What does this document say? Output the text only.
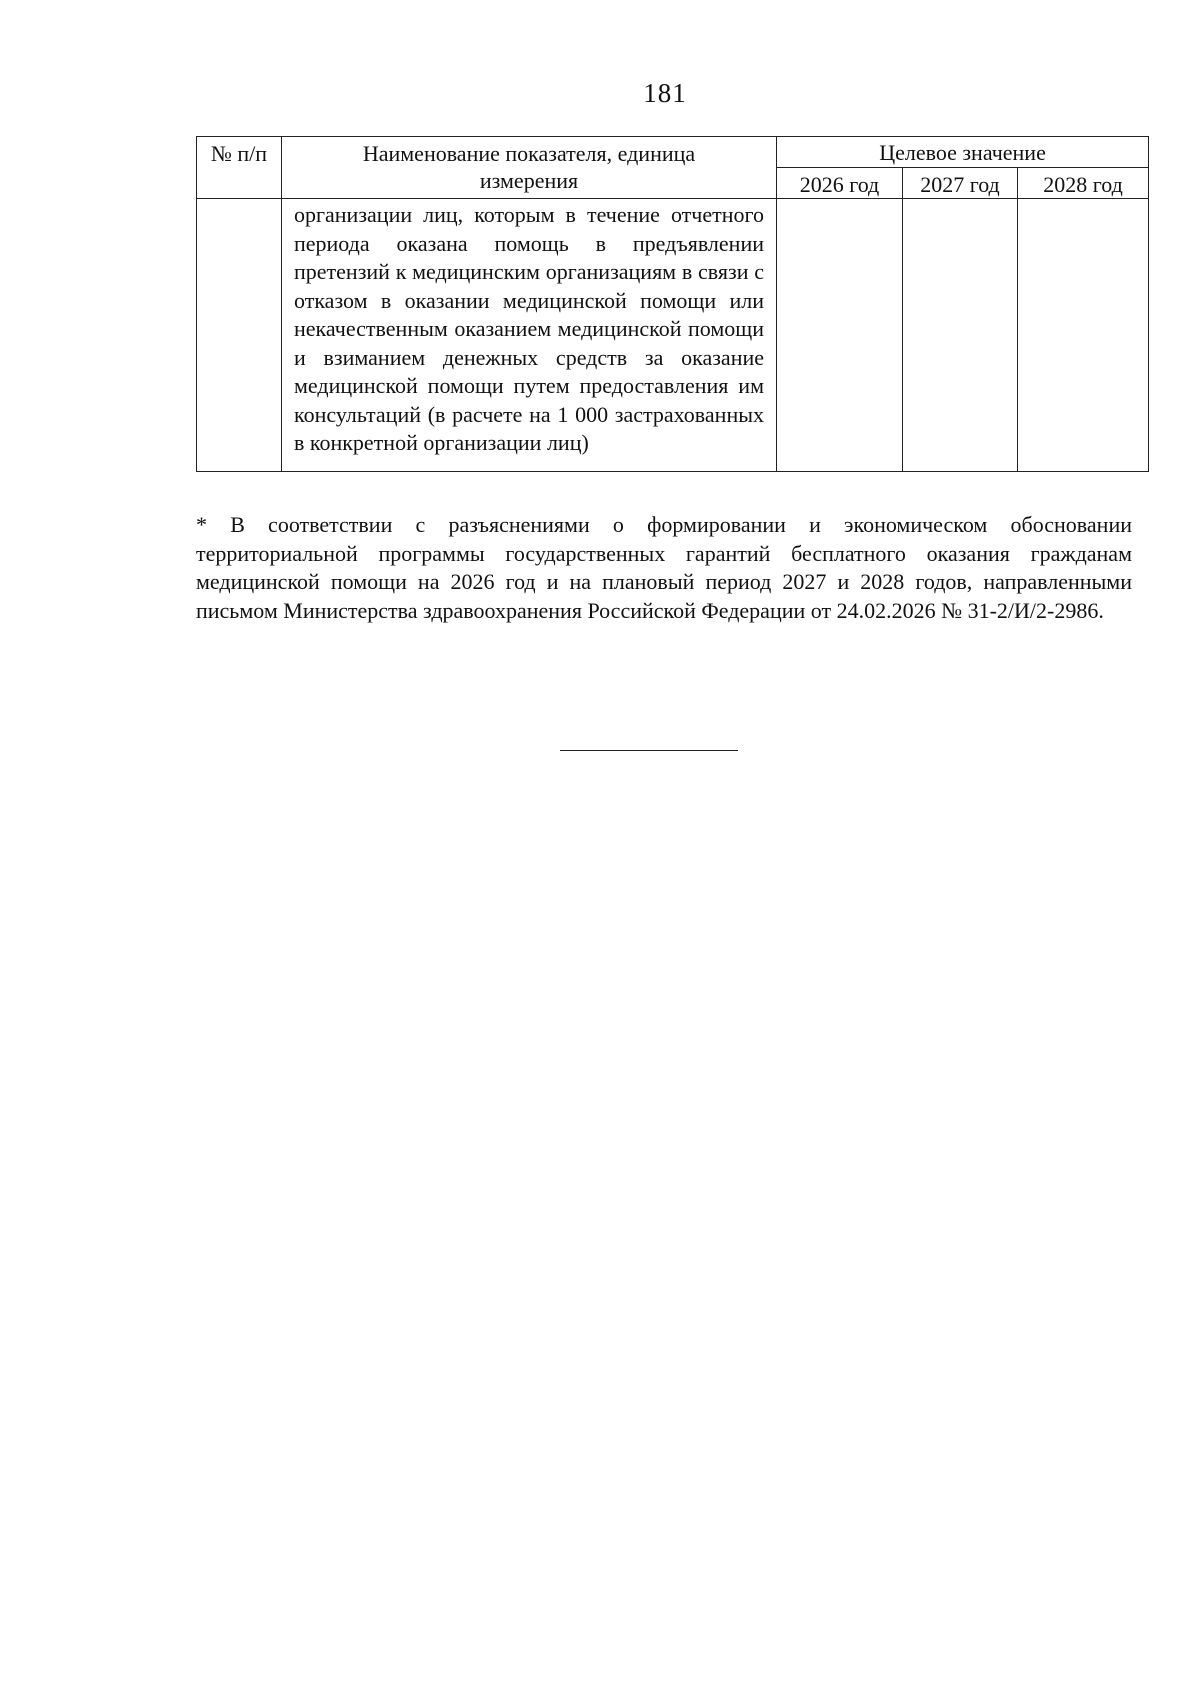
181
№ п/п	Наименование показателя, единица измерения	Целевое значение		
		2026 год	2027 год	2028 год
	организации лиц, которым в течение отчетного периода оказана помощь в предъявлении претензий к медицинским организациям в связи с отказом в оказании медицинской помощи или некачественным оказанием медицинской помощи и взиманием денежных средств за оказание медицинской помощи путем предоставления им консультаций (в расчете на 1 000 застрахованных в конкретной организации лиц)			
* В соответствии с разъяснениями о формировании и экономическом обосновании территориальной программы государственных гарантий бесплатного оказания гражданам медицинской помощи на 2026 год и на плановый период 2027 и 2028 годов, направленными письмом Министерства здравоохранения Российской Федерации от 24.02.2026 № 31-2/И/2-2986.
